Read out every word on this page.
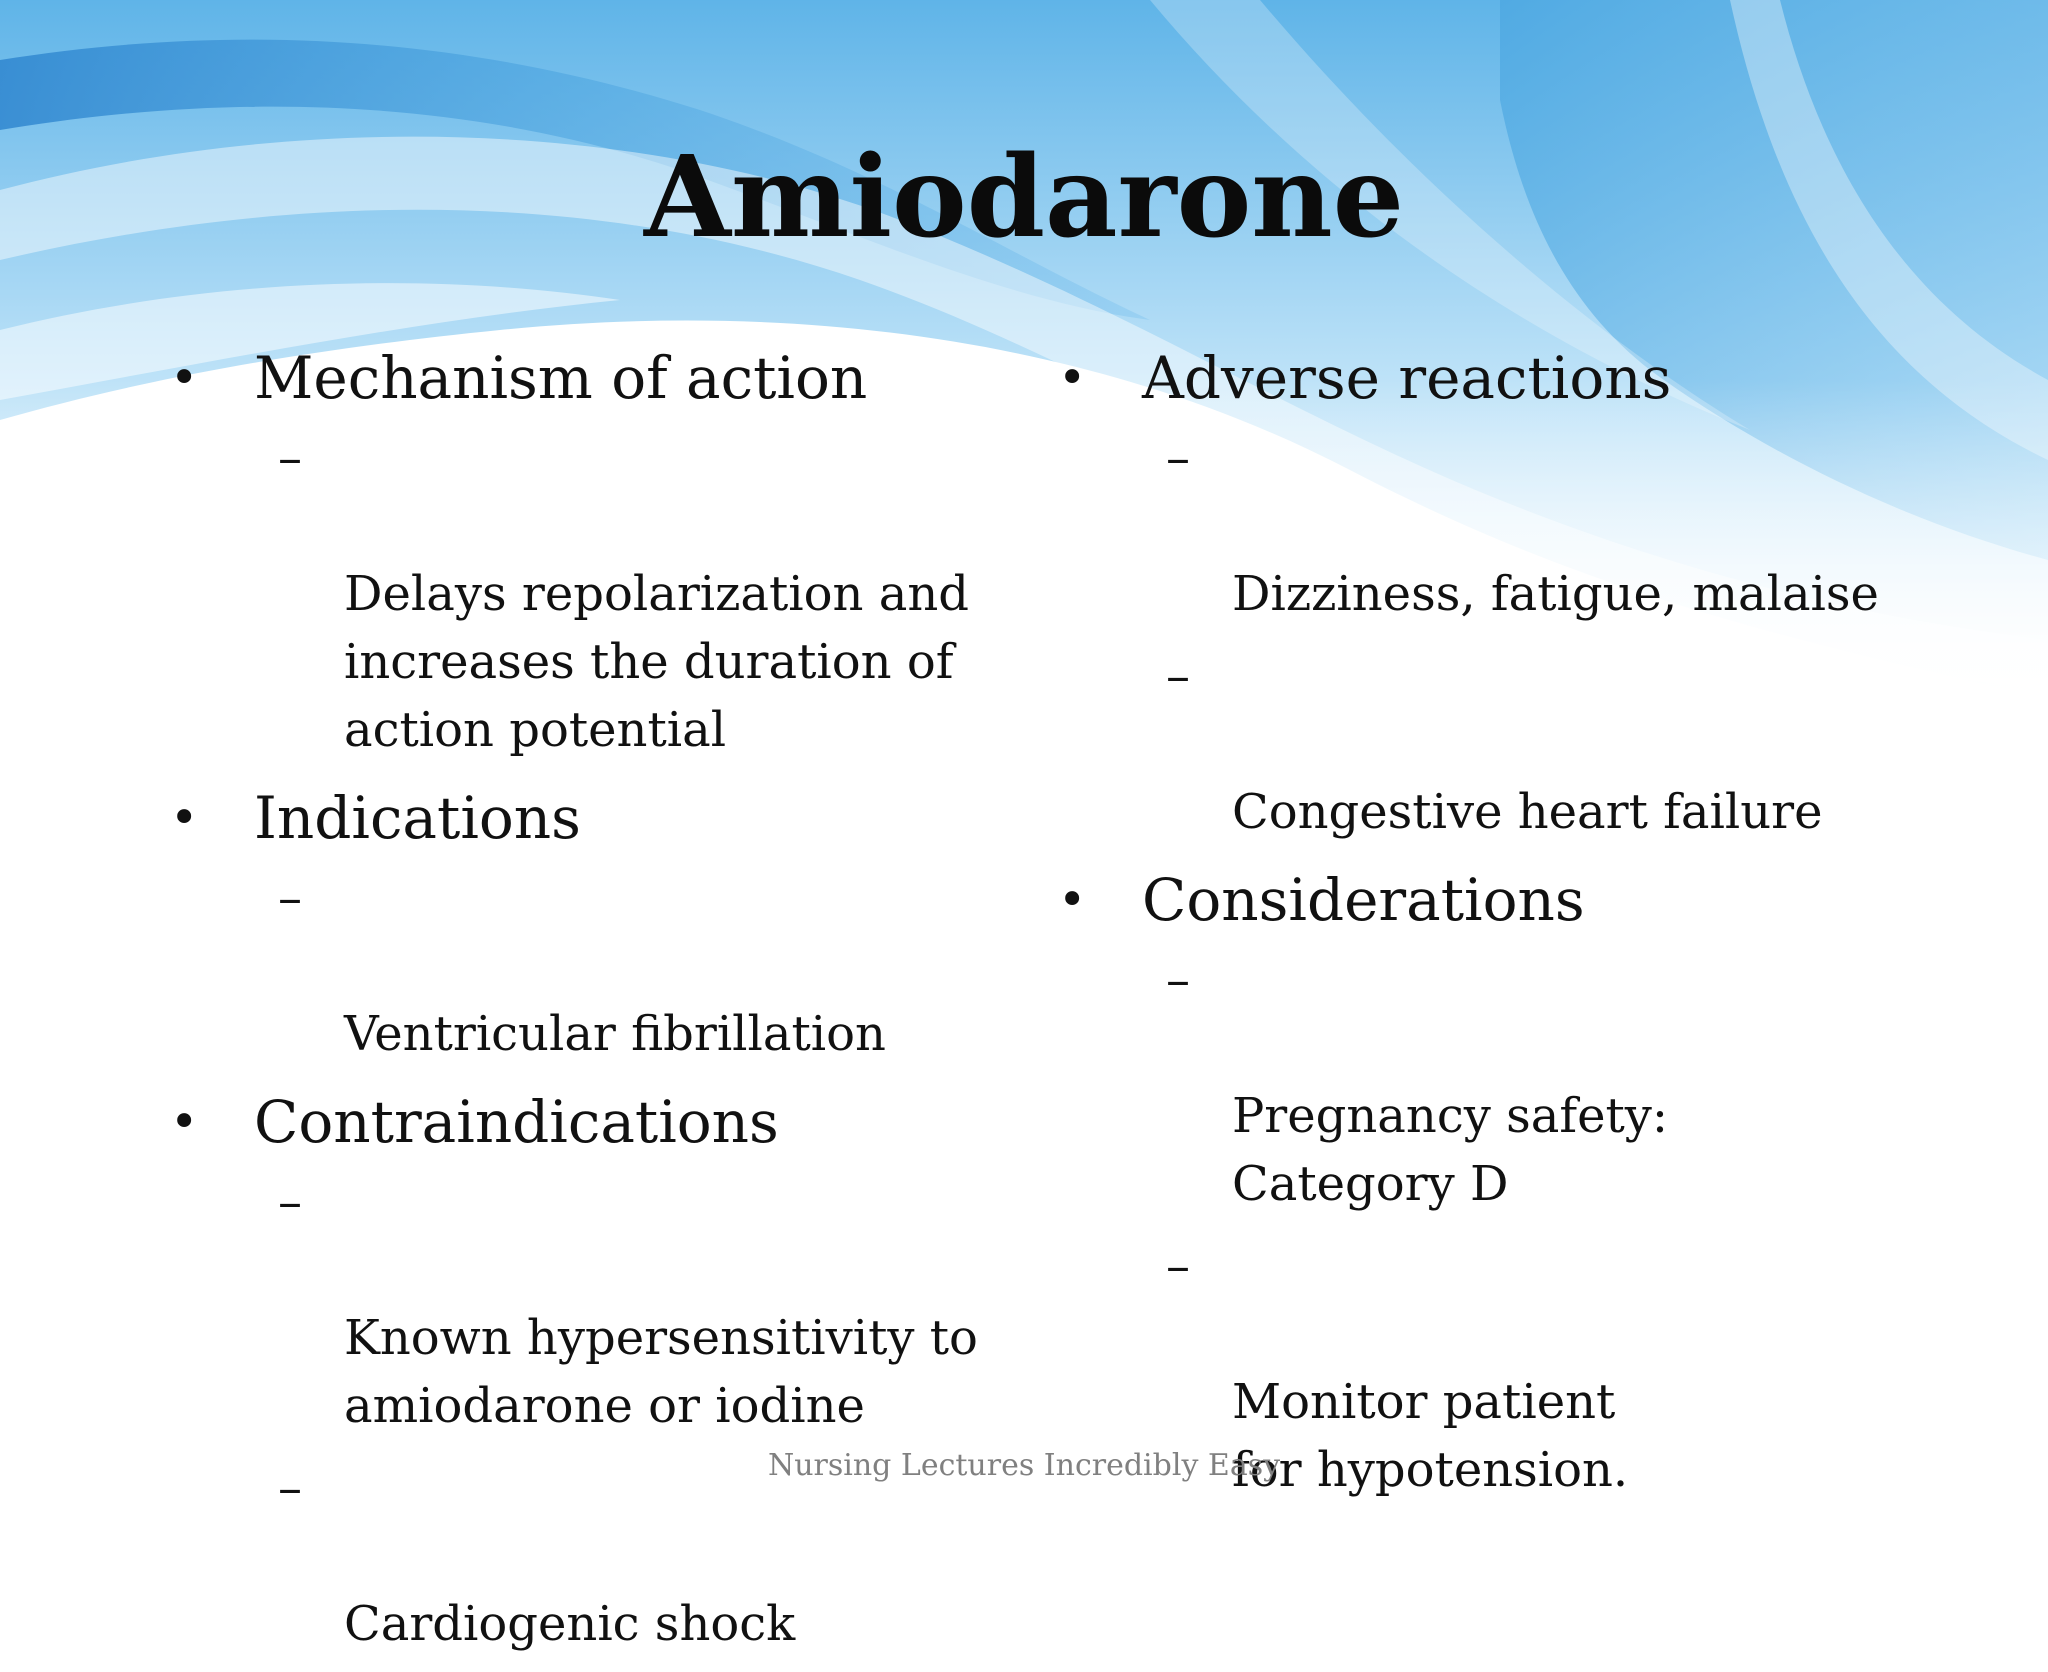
Amiodarone
• Mechanism of action

–

Delays repolarization and
increases the duration of
action potential

• Indications

–

Ventricular fibrillation

• Contraindications

–

Known hypersensitivity to
amiodarone or iodine

–

Cardiogenic shock

• Adverse reactions

–

Dizziness, fatigue, malaise

–

Congestive heart failure

• Considerations

–

Pregnancy safety:
Category D

–

Monitor patient
for hypotension.

Nursing Lectures Incredibly Easy
